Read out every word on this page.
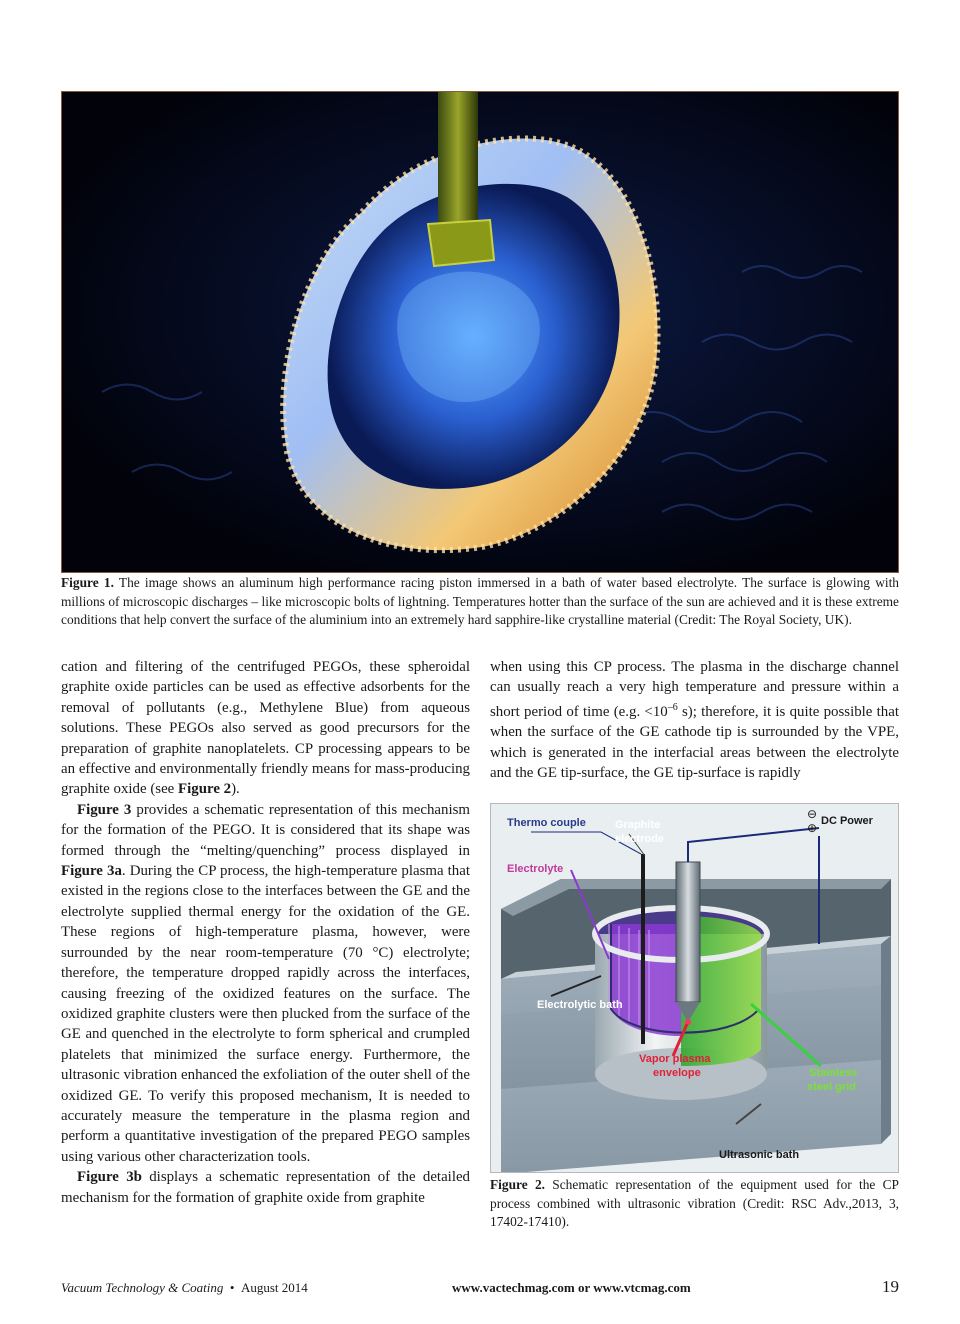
Figure 1. The image shows an aluminum high performance racing piston immersed in a bath of water based electrolyte. The surface is glowing with millions of microscopic discharges – like microscopic bolts of lightning. Temperatures hotter than the surface of the sun are achieved and it is these extreme conditions that help convert the surface of the aluminium into an extremely hard sapphire-like crystalline material (Credit: The Royal Society, UK).

cation and filtering of the centrifuged PEGOs, these spheroidal graphite oxide particles can be used as effective adsorbents for the removal of pollutants (e.g., Methylene Blue) from aqueous solutions. These PEGOs also served as good precursors for the preparation of graphite nanoplatelets. CP processing appears to be an effective and environmentally friendly means for mass-producing graphite oxide (see Figure 2).

Figure 3 provides a schematic representation of this mechanism for the formation of the PEGO. It is considered that its shape was formed through the “melting/quenching” process displayed in Figure 3a. During the CP process, the high-temperature plasma that existed in the regions close to the interfaces between the GE and the electrolyte supplied thermal energy for the oxidation of the GE. These regions of high-temperature plasma, however, were surrounded by the near room-temperature (70 °C) electrolyte; therefore, the temperature dropped rapidly across the interfaces, causing freezing of the oxidized features on the surface. The oxidized graphite clusters were then plucked from the surface of the GE and quenched in the electrolyte to form spherical and crumpled platelets that minimized the surface energy. Furthermore, the ultrasonic vibration enhanced the exfoliation of the outer shell of the oxidized GE. To verify this proposed mechanism, It is needed to accurately measure the temperature in the plasma region and perform a quantitative investigation of the prepared PEGO samples using various other characterization tools.

Figure 3b displays a schematic representation of the detailed mechanism for the formation of graphite oxide from graphite

when using this CP process. The plasma in the discharge channel can usually reach a very high temperature and pressure within a short period of time (e.g. $<10^{-6}$ s); therefore, it is quite possible that when the surface of the GE cathode tip is surrounded by the VPE, which is generated in the interfacial areas between the electrolyte and the GE tip-surface, the GE tip-surface is rapidly

Thermo couple	Graphite
electrode
DC Power
⊖
⊕
Electrolyte
Electrolytic bath
Vapor plasma
envelope	Stainless
steel grid
Ultrasonic bath
Figure 2. Schematic representation of the equipment used for the CP process combined with ultrasonic vibration (Credit: RSC Adv.,2013, 3, 17402-17410).
Vacuum Technology & Coating • August 2014	www.vactechmag.com or www.vtcmag.com	19
